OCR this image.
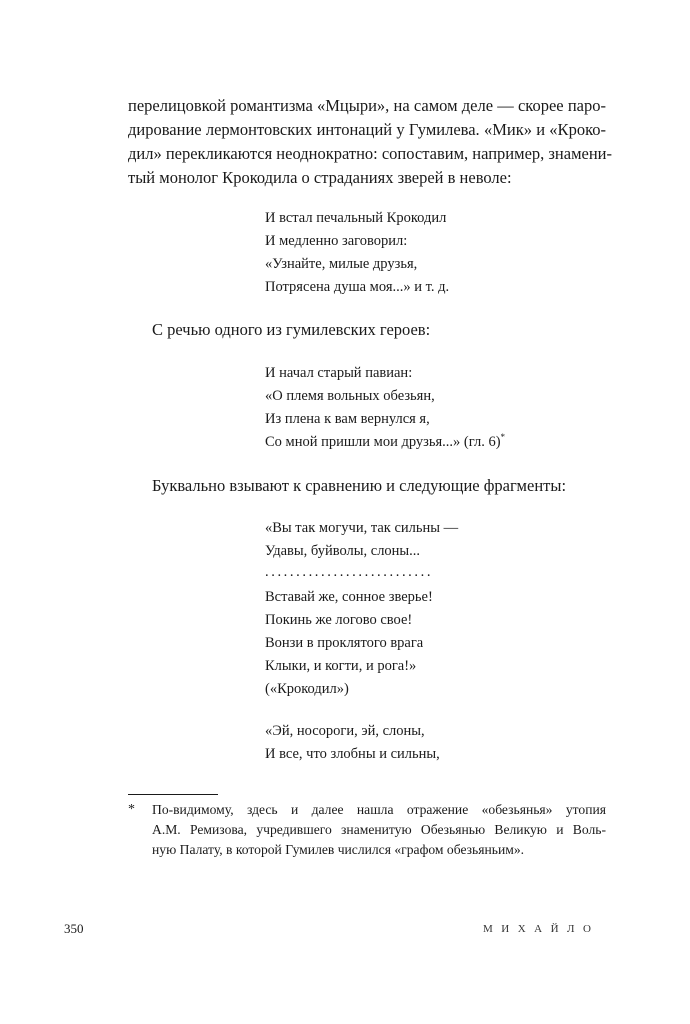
перелицовкой романтизма «Мцыри», на самом деле — скорее паро-
дирование лермонтовских интонаций у Гумилева. «Мик» и «Кроко-
дил» перекликаются неоднократно: сопоставим, например, знамени-
тый монолог Крокодила о страданиях зверей в неволе:
И встал печальный Крокодил
И медленно заговорил:
«Узнайте, милые друзья,
Потрясена душа моя...» и т. д.
С речью одного из гумилевских героев:
И начал старый павиан:
«О племя вольных обезьян,
Из плена к вам вернулся я,
Со мной пришли мои друзья...» (гл. 6)*
Буквально взывают к сравнению и следующие фрагменты:
«Вы так могучи, так сильны —
Удавы, буйволы, слоны...
...........................
Вставай же, сонное зверье!
Покинь же логово свое!
Вонзи в проклятого врага
Клыки, и когти, и рога!»
(«Крокодил»)
«Эй, носороги, эй, слоны,
И все, что злобны и сильны,
* По-видимому, здесь и далее нашла отражение «обезьянья» утопия
А.М. Ремизова, учредившего знаменитую Обезьянью Великую и Воль-
ную Палату, в которой Гумилев числился «графом обезьяньим».
350	МИХАЙЛО
